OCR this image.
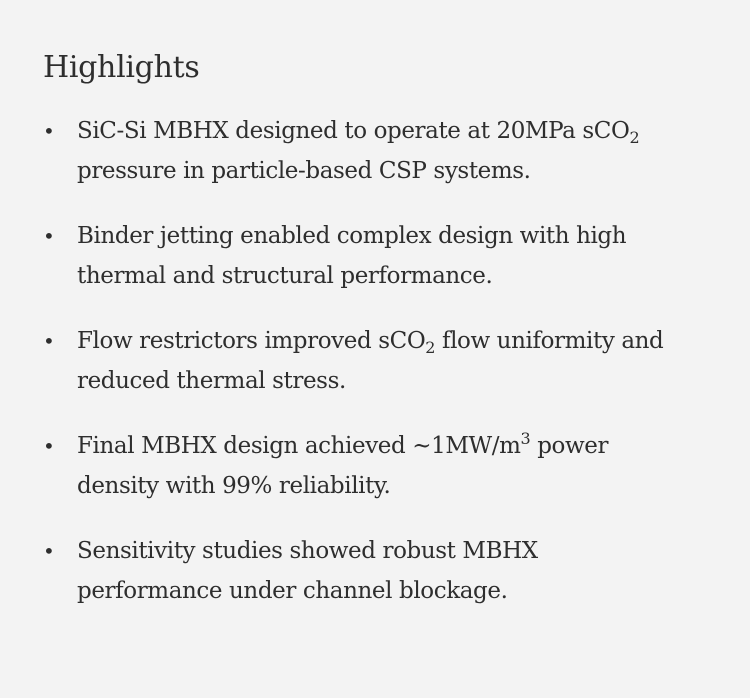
Highlights
• SiC-Si MBHX designed to operate at 20MPa sCO$_2$ pressure in particle-based CSP systems.
• Binder jetting enabled complex design with high thermal and structural performance.
• Flow restrictors improved sCO$_2$ flow uniformity and reduced thermal stress.
• Final MBHX design achieved $\sim 1MW/m^3$ power density with 99% reliability.
• Sensitivity studies showed robust MBHX performance under channel blockage.
